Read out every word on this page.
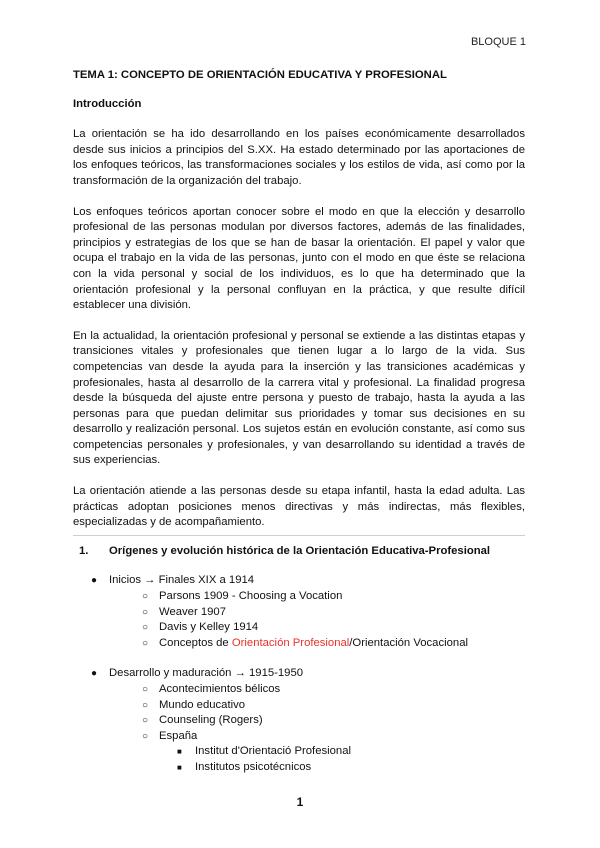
BLOQUE 1
TEMA 1: CONCEPTO DE ORIENTACIÓN EDUCATIVA Y PROFESIONAL
Introducción

La orientación se ha ido desarrollando en los países económicamente desarrollados desde sus inicios a principios del S.XX. Ha estado determinado por las aportaciones de los enfoques teóricos, las transformaciones sociales y los estilos de vida, así como por la transformación de la organización del trabajo.

Los enfoques teóricos aportan conocer sobre el modo en que la elección y desarrollo profesional de las personas modulan por diversos factores, además de las finalidades, principios y estrategias de los que se han de basar la orientación. El papel y valor que ocupa el trabajo en la vida de las personas, junto con el modo en que éste se relaciona con la vida personal y social de los individuos, es lo que ha determinado que la orientación profesional y la personal confluyan en la práctica, y que resulte difícil establecer una división.

En la actualidad, la orientación profesional y personal se extiende a las distintas etapas y transiciones vitales y profesionales que tienen lugar a lo largo de la vida. Sus competencias van desde la ayuda para la inserción y las transiciones académicas y profesionales, hasta al desarrollo de la carrera vital y profesional. La finalidad progresa desde la búsqueda del ajuste entre persona y puesto de trabajo, hasta la ayuda a las personas para que puedan delimitar sus prioridades y tomar sus decisiones en su desarrollo y realización personal. Los sujetos están en evolución constante, así como sus competencias personales y profesionales, y van desarrollando su identidad a través de sus experiencias.

La orientación atiende a las personas desde su etapa infantil, hasta la edad adulta. Las prácticas adoptan posiciones menos directivas y más indirectas, más flexibles, especializadas y de acompañamiento.

1.	Orígenes y evolución histórica de la Orientación Educativa-Profesional
●	Inicios → Finales XIX a 1914
○ Parsons 1909 - Choosing a Vocation
○ Weaver 1907
○ Davis y Kelley 1914
○ Conceptos de Orientación Profesional/Orientación Vocacional
●	Desarrollo y maduración → 1915-1950
○ Acontecimientos bélicos
○ Mundo educativo
○ Counseling (Rogers)
○ España
■	Institut d'Orientació Profesional
■	Institutos psicotécnicos
1
